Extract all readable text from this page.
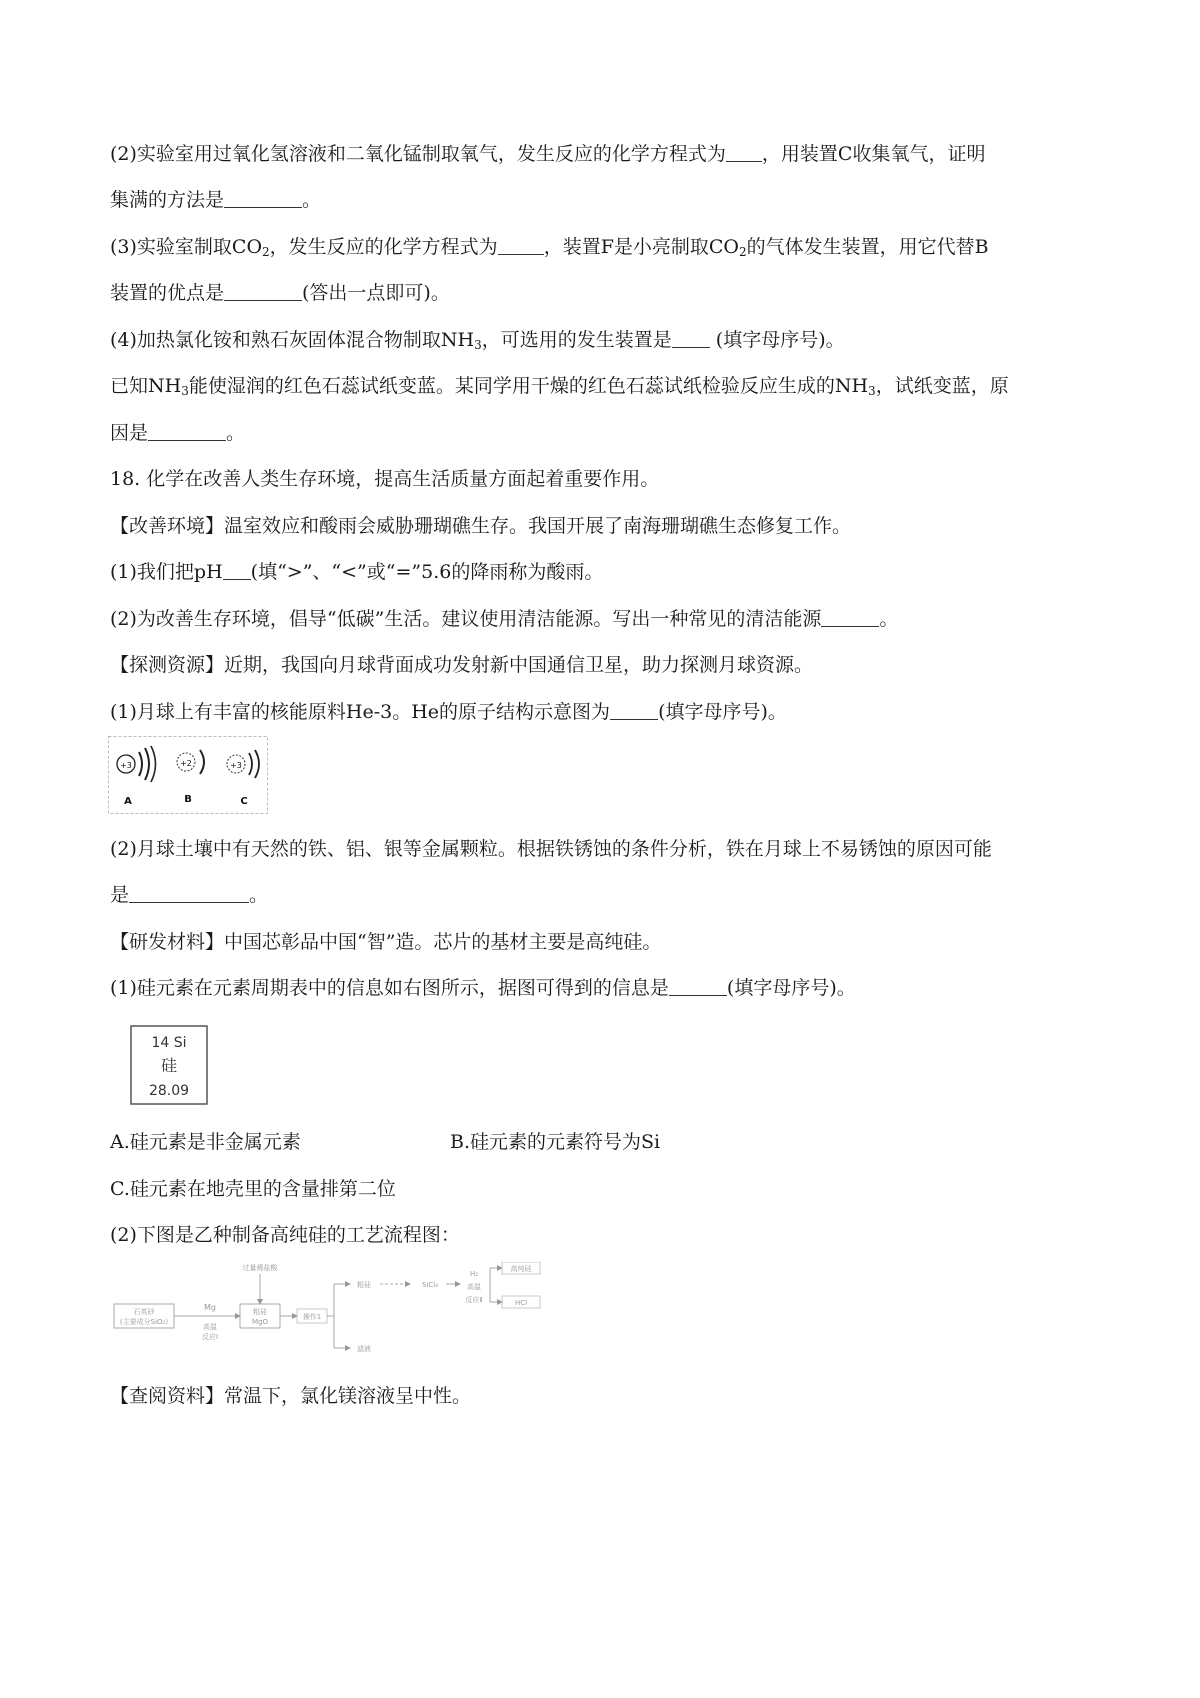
(2)实验室用过氧化氢溶液和二氧化锰制取氧气，发生反应的化学方程式为 ，用装置C收集氧气，证明
集满的方法是	。
(3)实验室制取$CO_2$，发生反应的化学方程式为 ，装置F是小亮制取$CO_2$的气体发生装置，用它代替B
装置的优点是	(答出一点即可)。
(4)加热氯化铵和熟石灰固体混合物制取$NH_3$，可选用的发生装置是 (填字母序号)。
已知$NH_3$能使湿润的红色石蕊试纸变蓝。某同学用干燥的红色石蕊试纸检验反应生成的$NH_3$，试纸变蓝，原
因是	。
18. 化学在改善人类生存环境，提高生活质量方面起着重要作用。
【改善环境】温室效应和酸雨会威胁珊瑚礁生存。我国开展了南海珊瑚礁生态修复工作。
(1)我们把pH (填“>”、“<”或“=”5.6的降雨称为酸雨。
(2)为改善生存环境，倡导“低碳”生活。建议使用清洁能源。写出一种常见的清洁能源	。
【探测资源】近期，我国向月球背面成功发射新中国通信卫星，助力探测月球资源。
(1)月球上有丰富的核能原料He-3。He的原子结构示意图为	(填字母序号)。
+3
A
+2
B
+3
C
(2)月球土壤中有天然的铁、铝、银等金属颗粒。根据铁锈蚀的条件分析，铁在月球上不易锈蚀的原因可能
是	。
【研发材料】中国芯彰品中国“智”造。芯片的基材主要是高纯硅。
(1)硅元素在元素周期表中的信息如右图所示，据图可得到的信息是	(填字母序号)。
14 Si
硅
28.09
A.硅元素是非金属元素	B.硅元素的元素符号为Si
C.硅元素在地壳里的含量排第二位
(2)下图是乙种制备高纯硅的工艺流程图：
石英砂
(主要成分SiO₂)
Mg
高温
反应Ⅰ
过量稀盐酸
粗硅
MgO
操作1
粗硅
滤液
SiCl₄
H₂
高温
反应Ⅱ
高纯硅
HCl
【查阅资料】常温下，氯化镁溶液呈中性。
